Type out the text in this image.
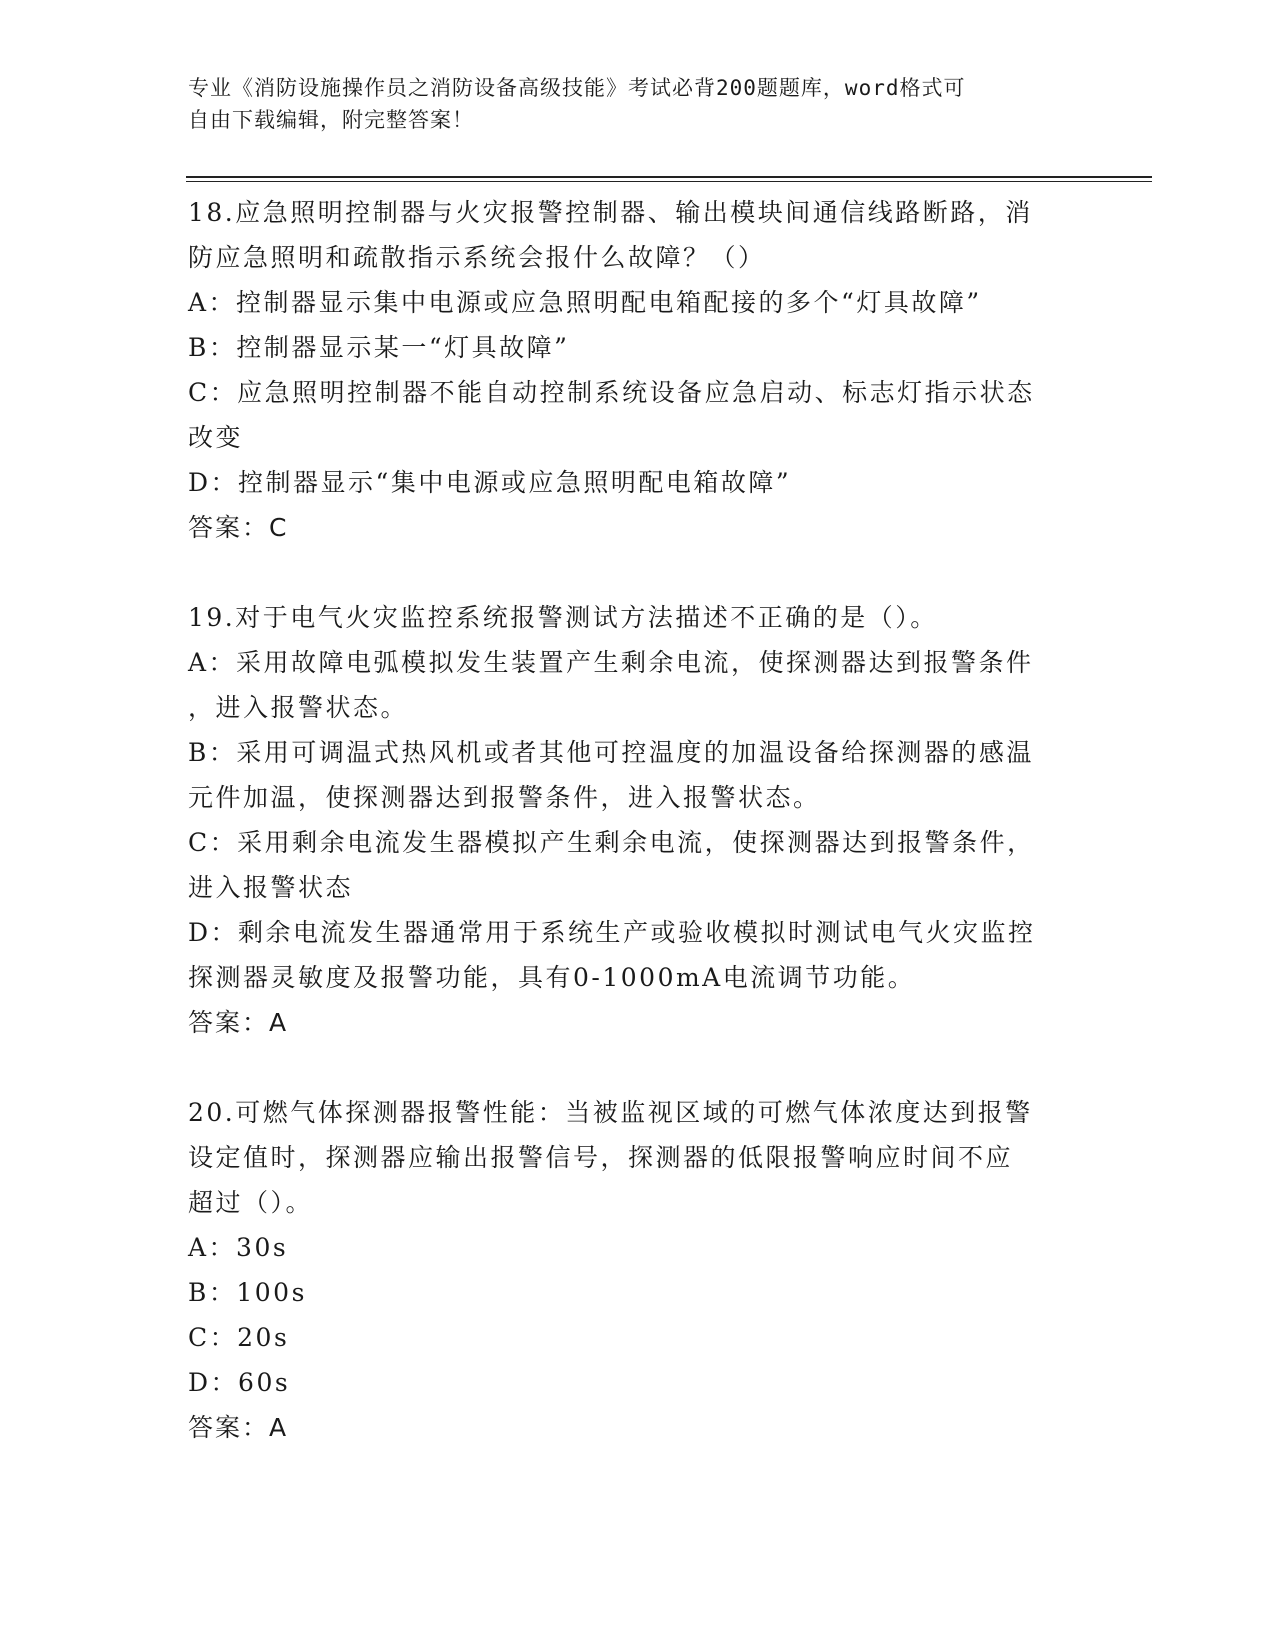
专业《消防设施操作员之消防设备高级技能》考试必背200题题库，word格式可
自由下载编辑，附完整答案！
18.应急照明控制器与火灾报警控制器、输出模块间通信线路断路，消
防应急照明和疏散指示系统会报什么故障？（）
A：控制器显示集中电源或应急照明配电箱配接的多个“灯具故障”
B：控制器显示某一“灯具故障”
C：应急照明控制器不能自动控制系统设备应急启动、标志灯指示状态
改变
D：控制器显示“集中电源或应急照明配电箱故障”
答案：C
19.对于电气火灾监控系统报警测试方法描述不正确的是（）。
A：采用故障电弧模拟发生装置产生剩余电流，使探测器达到报警条件
，进入报警状态。
B：采用可调温式热风机或者其他可控温度的加温设备给探测器的感温
元件加温，使探测器达到报警条件，进入报警状态。
C：采用剩余电流发生器模拟产生剩余电流，使探测器达到报警条件，
进入报警状态
D：剩余电流发生器通常用于系统生产或验收模拟时测试电气火灾监控
探测器灵敏度及报警功能，具有0-1000mA电流调节功能。
答案：A
20.可燃气体探测器报警性能：当被监视区域的可燃气体浓度达到报警
设定值时，探测器应输出报警信号，探测器的低限报警响应时间不应
超过（）。
A：30s
B：100s
C：20s
D：60s
答案：A
